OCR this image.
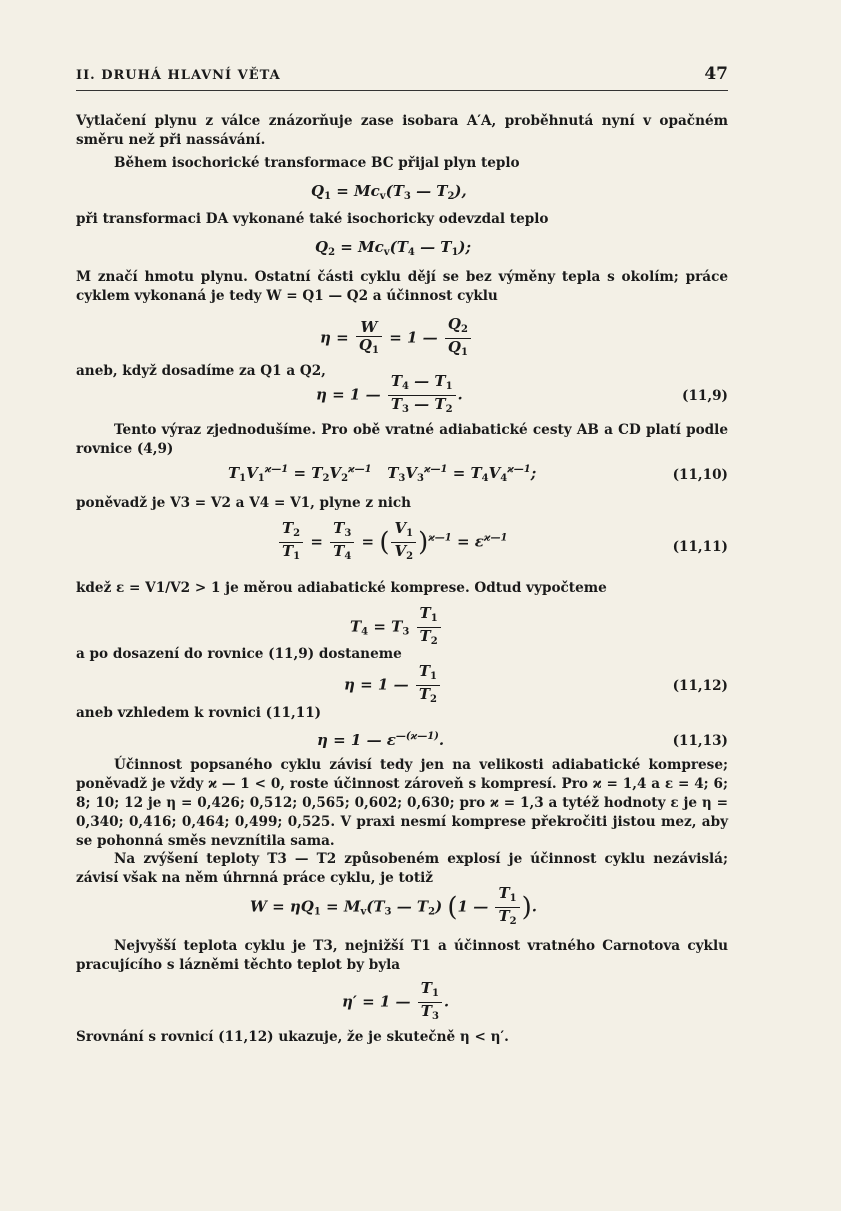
II. DRUHÁ HLAVNÍ VĚTA	47

Vytlačení plynu z válce znázorňuje zase isobara A′A, proběhnutá nyní v opačném směru než při nassávání.

Během isochorické transformace BC přijal plyn teplo

$Q_1 = Mc_v(T_3$ — $T_2$),

při transformaci DA vykonané také isochoricky odevzdal teplo

$Q_2 = Mc_v(T_4$ — $T_1$);

M značí hmotu plynu. Ostatní části cyklu dějí se bez výměny tepla s okolím; práce cyklem vykonaná je tedy W = Q1 — Q2 a účinnost cyklu

$\eta = \frac{W}{Q_1} = 1$ — $\frac{Q_2}{Q_1}$

aneb, když dosadíme za Q1 a Q2,

η = 1 — $\frac{T_4 — T_1}{T_3 — T_2}$ .	(11,9)

Tento výraz zjednodušíme. Pro obě vratné adiabatické cesty AB a CD platí podle rovnice (4,9)

$T_1V_1^{ϰ—1} = T_2V_2^{ϰ—1}$   $T_3V_3^{ϰ—1} = T_4V_4^{ϰ—1}$;	(11,10)

poněvadž je V3 = V2 a V4 = V1, plyne z nich

$\frac{T_2}{T_1} = \frac{T_3}{T_4}$ = ( $\frac{V_1}{V_2} )^{ϰ—1} = \varepsilon^{ϰ—1}$
(11,11)

kdež ε = V1/V2 > 1 je měrou adiabatické komprese. Odtud vypočteme

$T_4 = T_3 \frac{T_1}{T_2}$

a po dosazení do rovnice (11,9) dostaneme

η = 1 — $\frac{T_1}{T_2}$	(11,12)

aneb vzhledem k rovnici (11,11)

η = 1 — $\varepsilon^{—(ϰ—1)}$.	(11,13)

Účinnost popsaného cyklu závisí tedy jen na velikosti adiabatické komprese; poněvadž je vždy ϰ — 1 < 0, roste účinnost zároveň s kompresí. Pro ϰ = 1,4 a ε = 4; 6; 8; 10; 12 je η = 0,426; 0,512; 0,565; 0,602; 0,630; pro ϰ = 1,3 a tytéž hodnoty ε je η = 0,340; 0,416; 0,464; 0,499; 0,525. V praxi nesmí komprese překročiti jistou mez, aby se pohonná směs nevznítila sama.

Na zvýšení teploty T3 — T2 způsobeném explosí je účinnost cyklu nezávislá; závisí však na něm úhrnná práce cyklu, je totiž

$W = \eta Q_1 = M_v(T_3$ — $T_2$) (1 — $\frac{T_1}{T_2}$ ).

Nejvyšší teplota cyklu je T3, nejnižší T1 a účinnost vratného Carnotova cyklu pracujícího s lázněmi těchto teplot by byla

η′ = 1 — $\frac{T_1}{T_3}$ .

Srovnání s rovnicí (11,12) ukazuje, že je skutečně η < η′.
